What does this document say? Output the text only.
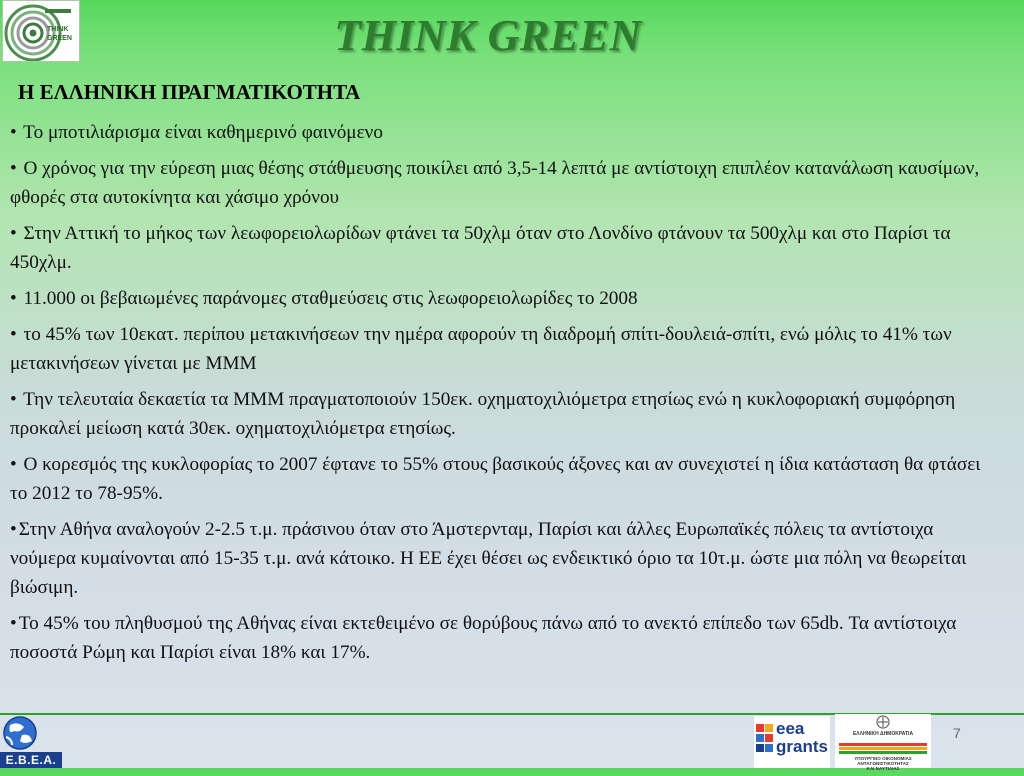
THINK
GREEN	THINK GREEN
Η ΕΛΛΗΝΙΚΗ ΠΡΑΓΜΑΤΙΚΟΤΗΤΑ
• Το μποτιλιάρισμα είναι καθημερινό φαινόμενο
• Ο χρόνος για την εύρεση μιας θέσης στάθμευσης ποικίλει από 3,5-14 λεπτά με αντίστοιχη επιπλέον κατανάλωση καυσίμων, φθορές στα αυτοκίνητα και χάσιμο χρόνου
• Στην Αττική το μήκος των λεωφορειολωρίδων φτάνει τα 50χλμ όταν στο Λονδίνο φτάνουν τα 500χλμ και στο Παρίσι τα 450χλμ.
• 11.000 οι βεβαιωμένες παράνομες σταθμεύσεις στις λεωφορειολωρίδες το 2008
• το 45% των 10εκατ. περίπου μετακινήσεων την ημέρα αφορούν τη διαδρομή σπίτι-δουλειά-σπίτι, ενώ μόλις το 41% των μετακινήσεων γίνεται με ΜΜΜ
• Την τελευταία δεκαετία τα ΜΜΜ πραγματοποιούν 150εκ. οχηματοχιλιόμετρα ετησίως ενώ η κυκλοφοριακή συμφόρηση προκαλεί μείωση κατά 30εκ. οχηματοχιλιόμετρα ετησίως.
• Ο κορεσμός της κυκλοφορίας το 2007 έφτανε το 55% στους βασικούς άξονες και αν συνεχιστεί η ίδια κατάσταση θα φτάσει το 2012 το 78-95%.
• Στην Αθήνα αναλογούν 2-2.5 τ.μ. πράσινου όταν στο Άμστερνταμ, Παρίσι και άλλες Ευρωπαϊκές πόλεις τα αντίστοιχα νούμερα κυμαίνονται από 15-35 τ.μ. ανά κάτοικο. Η ΕΕ έχει θέσει ως ενδεικτικό όριο τα 10τ.μ. ώστε μια πόλη να θεωρείται βιώσιμη.
• Το 45% του πληθυσμού της Αθήνας είναι εκτεθειμένο σε θορύβους πάνω από το ανεκτό επίπεδο των 65db. Τα αντίστοιχα ποσοστά Ρώμη και Παρίσι είναι 18% και 17%.
Ε.Β.Ε.Α.
eea
grants
ΕΛΛΗΝΙΚΗ ΔΗΜΟΚΡΑΤΙΑ

ΥΠΟΥΡΓΕΙΟ ΟΙΚΟΝΟΜΙΑΣ
ΑΝΤΑΓΩΝΙΣΤΙΚΟΤΗΤΑΣ
ΚΑΙ ΝΑΥΤΙΛΙΑΣ
7
